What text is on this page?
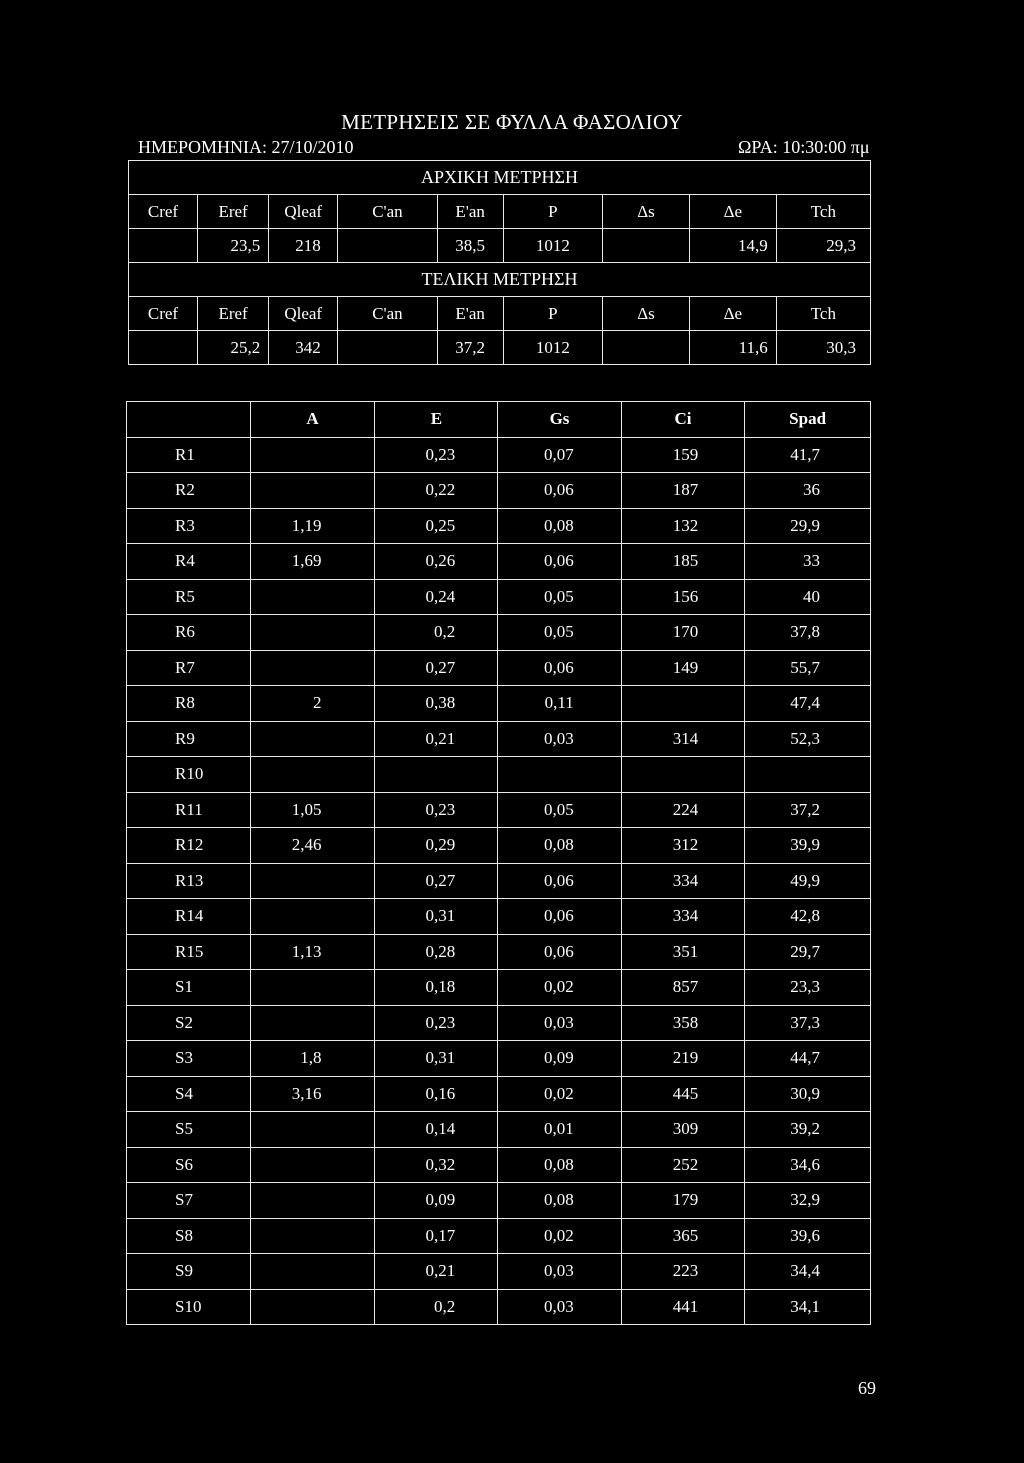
ΜΕΤΡΗΣΕΙΣ ΣΕ ΦΥΛΛΑ ΦΑΣΟΛΙΟΥ
ΗΜΕΡΟΜΗΝΙΑ: 27/10/2010	ΩΡΑ: 10:30:00 πμ
ΑΡΧΙΚΗ ΜΕΤΡΗΣΗ								
Cref	Eref	Qleaf	C'an	E'an	P	Δs	Δe	Tch
	23,5	218		38,5	1012		14,9	29,3
ΤΕΛΙΚΗ ΜΕΤΡΗΣΗ								
Cref	Eref	Qleaf	C'an	E'an	P	Δs	Δe	Tch
	25,2	342		37,2	1012		11,6	30,3
	A	E	Gs	Ci	Spad
R1		0,23	0,07	159	41,7
R2		0,22	0,06	187	36
R3	1,19	0,25	0,08	132	29,9
R4	1,69	0,26	0,06	185	33
R5		0,24	0,05	156	40
R6		0,2	0,05	170	37,8
R7		0,27	0,06	149	55,7
R8	2	0,38	0,11		47,4
R9		0,21	0,03	314	52,3
R10					
R11	1,05	0,23	0,05	224	37,2
R12	2,46	0,29	0,08	312	39,9
R13		0,27	0,06	334	49,9
R14		0,31	0,06	334	42,8
R15	1,13	0,28	0,06	351	29,7
S1		0,18	0,02	857	23,3
S2		0,23	0,03	358	37,3
S3	1,8	0,31	0,09	219	44,7
S4	3,16	0,16	0,02	445	30,9
S5		0,14	0,01	309	39,2
S6		0,32	0,08	252	34,6
S7		0,09	0,08	179	32,9
S8		0,17	0,02	365	39,6
S9		0,21	0,03	223	34,4
S10		0,2	0,03	441	34,1
69
